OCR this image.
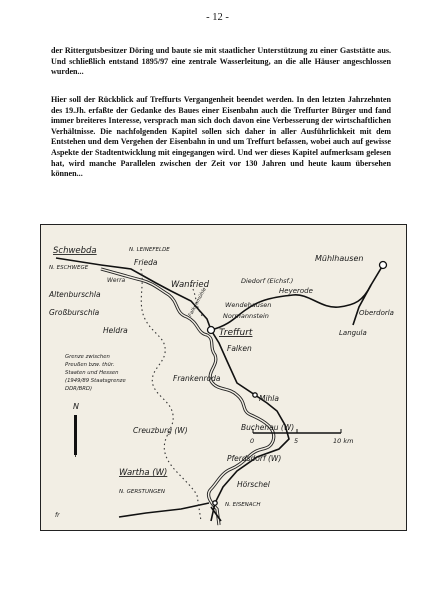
- 12 -

der Rittergutsbesitzer Döring und baute sie mit staatlicher Unterstützung zu einer Gaststätte aus. Und schließlich entstand 1895/97 eine zentrale Wasserleitung, an die alle Häuser angeschlossen wurden...

Hier soll der Rückblick auf Treffurts Vergangenheit beendet werden. In den letzten Jahrzehnten des 19.Jh. erfaßte der Gedanke des Baues einer Eisenbahn auch die Treffurter Bürger und fand immer breiteres Interesse, versprach man sich doch davon eine Verbesserung der wirtschaftlichen Verhältnisse. Die nachfolgenden Kapitel sollen sich daher in aller Ausführlichkeit mit dem Entstehen und dem Vergehen der Eisenbahn in und um Treffurt befassen, wobei auch auf gewisse Aspekte der Stadtentwicklung mit eingegangen wird. Und wer dieses Kapitel aufmerksam gelesen hat, wird manche Parallelen zwischen der Zeit vor 130 Jahren und heute kaum übersehen können...

Schwebda	N. LEINEFELDE
N. ESCHWEGE
Frieda
Werra	Wanfried
Altenburschla
Großburschla
Heldra
Falkenmühle
Diedorf (Eichsf.)
Heyerode
Mühlhausen
Oberdorla
Langula
Wendehausen
Normannstein
Treffurt
Falken
Frankenroda
Mihla
Creuzburg (W)	Buchenau (W)
Pferdsdorf (W)
Wartha (W)
Hörschel
N. GERSTUNGEN
N. EISENACH
Grenze zwischen
Preußen bzw. thür.
Staaten und Hessen
(1949/89 Staatsgrenze
DDR/BRD)
N
0	5	10 km
fr
